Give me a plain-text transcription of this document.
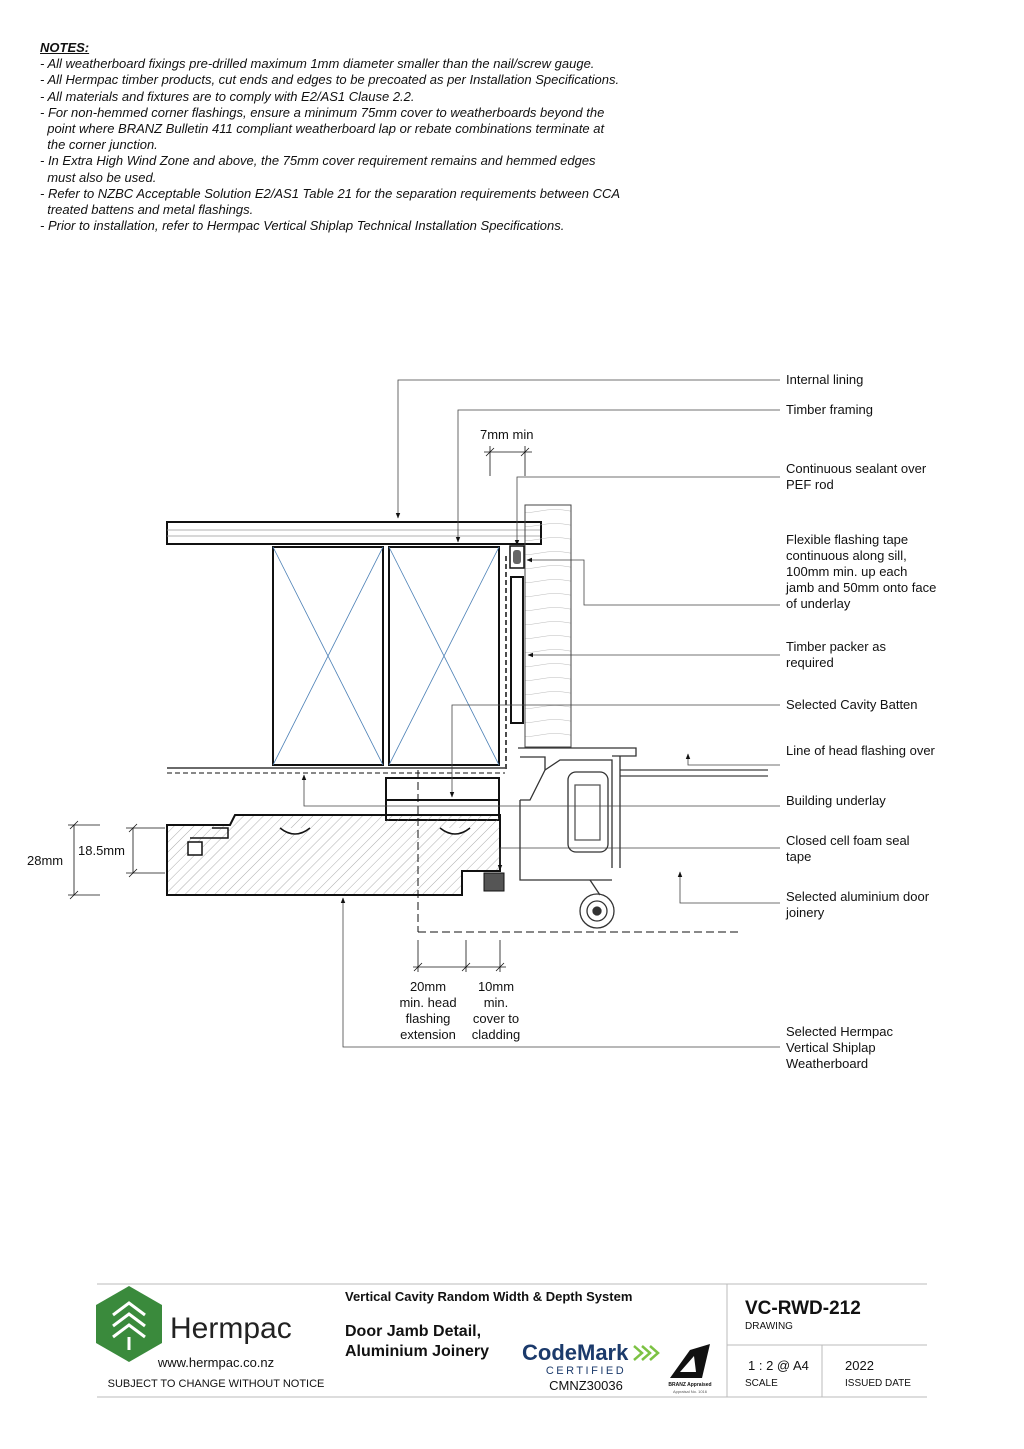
NOTES:
- All weatherboard fixings pre-drilled maximum 1mm diameter smaller than the nail/screw gauge.
- All Hermpac timber products, cut ends and edges to be precoated as per Installation Specifications.
- All materials and fixtures are to comply with E2/AS1 Clause 2.2.
- For non-hemmed corner flashings, ensure a minimum 75mm cover to weatherboards beyond the
point where BRANZ Bulletin 411 compliant weatherboard lap or rebate combinations terminate at
the corner junction.
- In Extra High Wind Zone and above, the 75mm cover requirement remains and hemmed edges
must also be used.
- Refer to NZBC Acceptable Solution E2/AS1 Table 21 for the separation requirements between CCA
treated battens and metal flashings.
- Prior to installation, refer to Hermpac Vertical Shiplap Technical Installation Specifications.
Internal lining
Timber framing
Continuous sealant over
PEF rod
Flexible flashing tape
continuous along sill,
100mm min. up each
jamb and 50mm onto face
of underlay
Timber packer as
required
Selected Cavity Batten
Line of head flashing over
Building underlay
Closed cell foam seal
tape
Selected aluminium door
joinery
Selected Hermpac
Vertical Shiplap
Weatherboard
7mm min
28mm
18.5mm
20mm
min. head
flashing
extension
10mm
min.
cover to
cladding
Hermpac
www.hermpac.co.nz
SUBJECT TO CHANGE WITHOUT NOTICE
Vertical Cavity Random Width & Depth System
Door Jamb Detail,
Aluminium Joinery CodeMark
CERTIFIED
CMNZ30036	BRANZ Appraised
Appraisal No. 1016
VC-RWD-212
DRAWING
1 : 2 @ A4
SCALE
2022
ISSUED DATE
